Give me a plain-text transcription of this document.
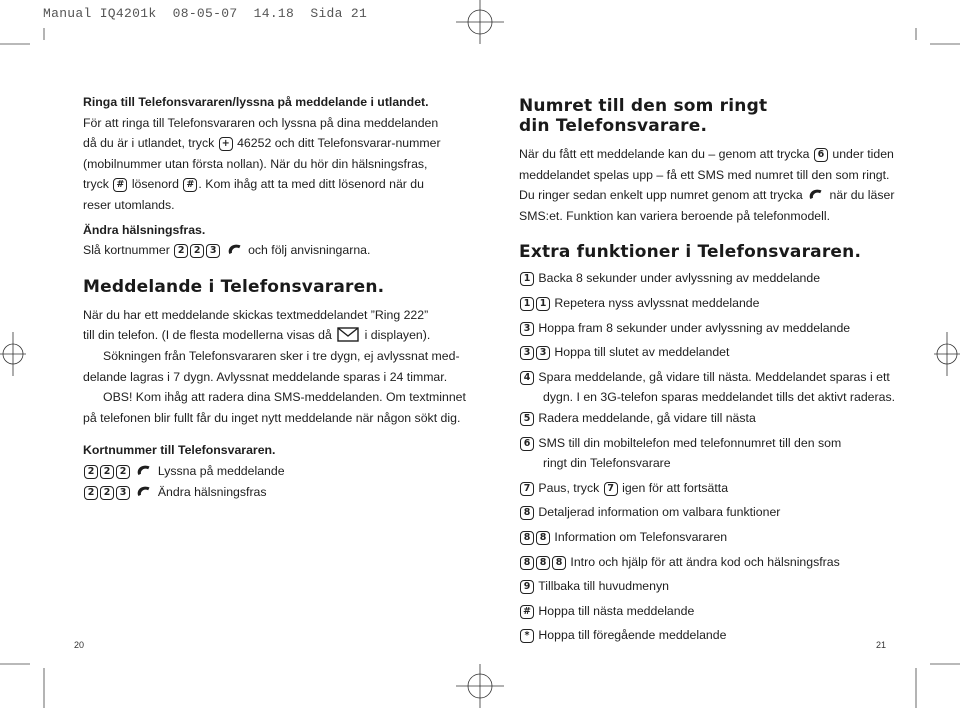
Manual IQ4201k  08-05-07  14.18  Sida 21
Ringa till Telefonsvararen/lyssna på meddelande i utlandet.
För att ringa till Telefonsvararen och lyssna på dina meddelanden
då du är i utlandet, tryck + 46252 och ditt Telefonsvarar-nummer
(mobilnummer utan första nollan). När du hör din hälsningsfras,
tryck # lösenord # . Kom ihåg att ta med ditt lösenord när du
reser utomlands.
Ändra hälsningsfras.
Slå kortnummer 2 2 3	och följ anvisningarna.
Meddelande i Telefonsvararen.
När du har ett meddelande skickas textmeddelandet ”Ring 222”
till din telefon. (I de flesta modellerna visas då	i displayen).
Sökningen från Telefonsvararen sker i tre dygn, ej avlyssnat med-
delande lagras i 7 dygn. Avlyssnat meddelande sparas i 24 timmar.
OBS! Kom ihåg att radera dina SMS-meddelanden. Om textminnet
på telefonen blir fullt får du inget nytt meddelande när någon sökt dig.
Kortnummer till Telefonsvararen.
2 2 2	Lyssna på meddelande
2 2 3	Ändra hälsningsfras
Numret till den som ringt
din Telefonsvarare.
När du fått ett meddelande kan du – genom att trycka 6 under tiden
meddelandet spelas upp – få ett SMS med numret till den som ringt.
Du ringer sedan enkelt upp numret genom att trycka när du läser
SMS:et. Funktion kan variera beroende på telefonmodell.
Extra funktioner i Telefonsvararen.
1 Backa 8 sekunder under avlyssning av meddelande
1 1 Repetera nyss avlyssnat meddelande
3 Hoppa fram 8 sekunder under avlyssning av meddelande
3 3 Hoppa till slutet av meddelandet
4 Spara meddelande, gå vidare till nästa. Meddelandet sparas i ett
dygn. I en 3G-telefon sparas meddelandet tills det aktivt raderas.
5 Radera meddelande, gå vidare till nästa
6 SMS till din mobiltelefon med telefonnumret till den som
ringt din Telefonsvarare
7 Paus, tryck 7 igen för att fortsätta
8 Detaljerad information om valbara funktioner
8 8 Information om Telefonsvararen
8 8 8 Intro och hjälp för att ändra kod och hälsningsfras
9 Tillbaka till huvudmenyn
# Hoppa till nästa meddelande
* Hoppa till föregående meddelande
20	21
